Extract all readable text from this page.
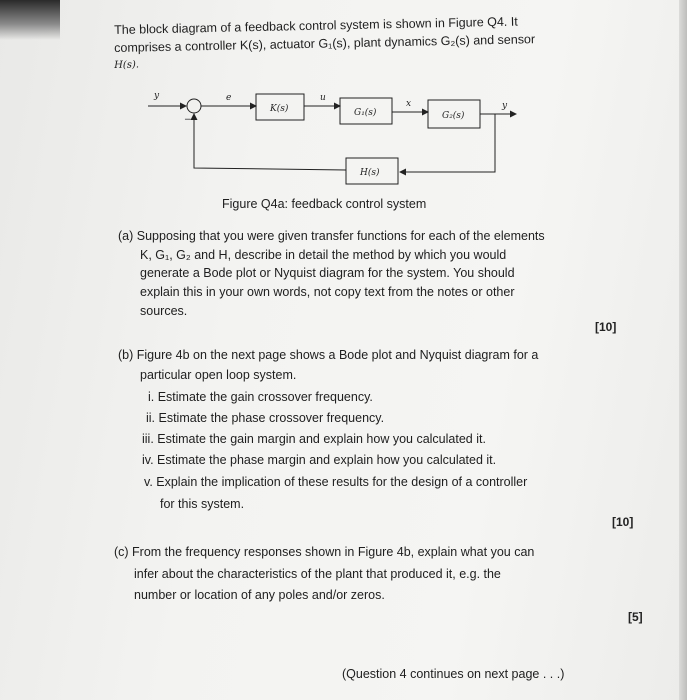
The block diagram of a feedback control system is shown in Figure Q4. It
comprises a controller K(s), actuator G₁(s), plant dynamics G₂(s) and sensor
H(s).
y
−
e
K(s)
u
G₁(s)
x
G₂(s)
y
H(s)
Figure Q4a: feedback control system
(a) Supposing that you were given transfer functions for each of the elements
K, G₁, G₂ and H, describe in detail the method by which you would
generate a Bode plot or Nyquist diagram for the system. You should
explain this in your own words, not copy text from the notes or other
sources.
[10]
(b) Figure 4b on the next page shows a Bode plot and Nyquist diagram for a
particular open loop system.
i. Estimate the gain crossover frequency.
ii. Estimate the phase crossover frequency.
iii. Estimate the gain margin and explain how you calculated it.
iv. Estimate the phase margin and explain how you calculated it.
v. Explain the implication of these results for the design of a controller
for this system.
[10]
(c) From the frequency responses shown in Figure 4b, explain what you can
infer about the characteristics of the plant that produced it, e.g. the
number or location of any poles and/or zeros.
[5]
(Question 4 continues on next page . . .)
